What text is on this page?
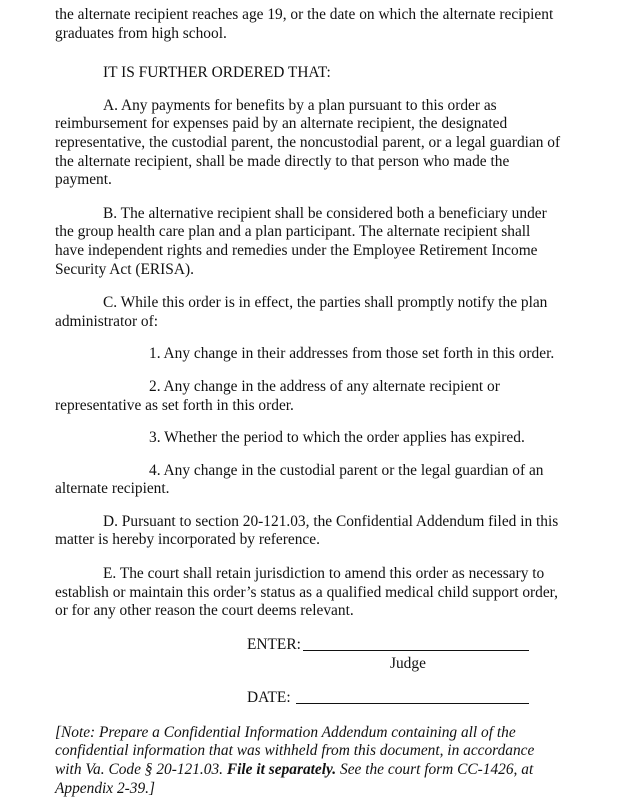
the alternate recipient reaches age 19, or the date on which the alternate recipient
graduates from high school.

IT IS FURTHER ORDERED THAT:

A. Any payments for benefits by a plan pursuant to this order as
reimbursement for expenses paid by an alternate recipient, the designated
representative, the custodial parent, the noncustodial parent, or a legal guardian of
the alternate recipient, shall be made directly to that person who made the
payment.

B. The alternative recipient shall be considered both a beneficiary under
the group health care plan and a plan participant. The alternate recipient shall
have independent rights and remedies under the Employee Retirement Income
Security Act (ERISA).

C. While this order is in effect, the parties shall promptly notify the plan
administrator of:

1. Any change in their addresses from those set forth in this order.

2. Any change in the address of any alternate recipient or

representative as set forth in this order.

3. Whether the period to which the order applies has expired.

4. Any change in the custodial parent or the legal guardian of an

alternate recipient.

D. Pursuant to section 20-121.03, the Confidential Addendum filed in this
matter is hereby incorporated by reference.

E. The court shall retain jurisdiction to amend this order as necessary to
establish or maintain this order’s status as a qualified medical child support order,
or for any other reason the court deems relevant.

ENTER:
Judge
DATE:

[Note: Prepare a Confidential Information Addendum containing all of the
confidential information that was withheld from this document, in accordance
with Va. Code § 20-121.03. File it separately. See the court form CC-1426, at
Appendix 2-39.]
